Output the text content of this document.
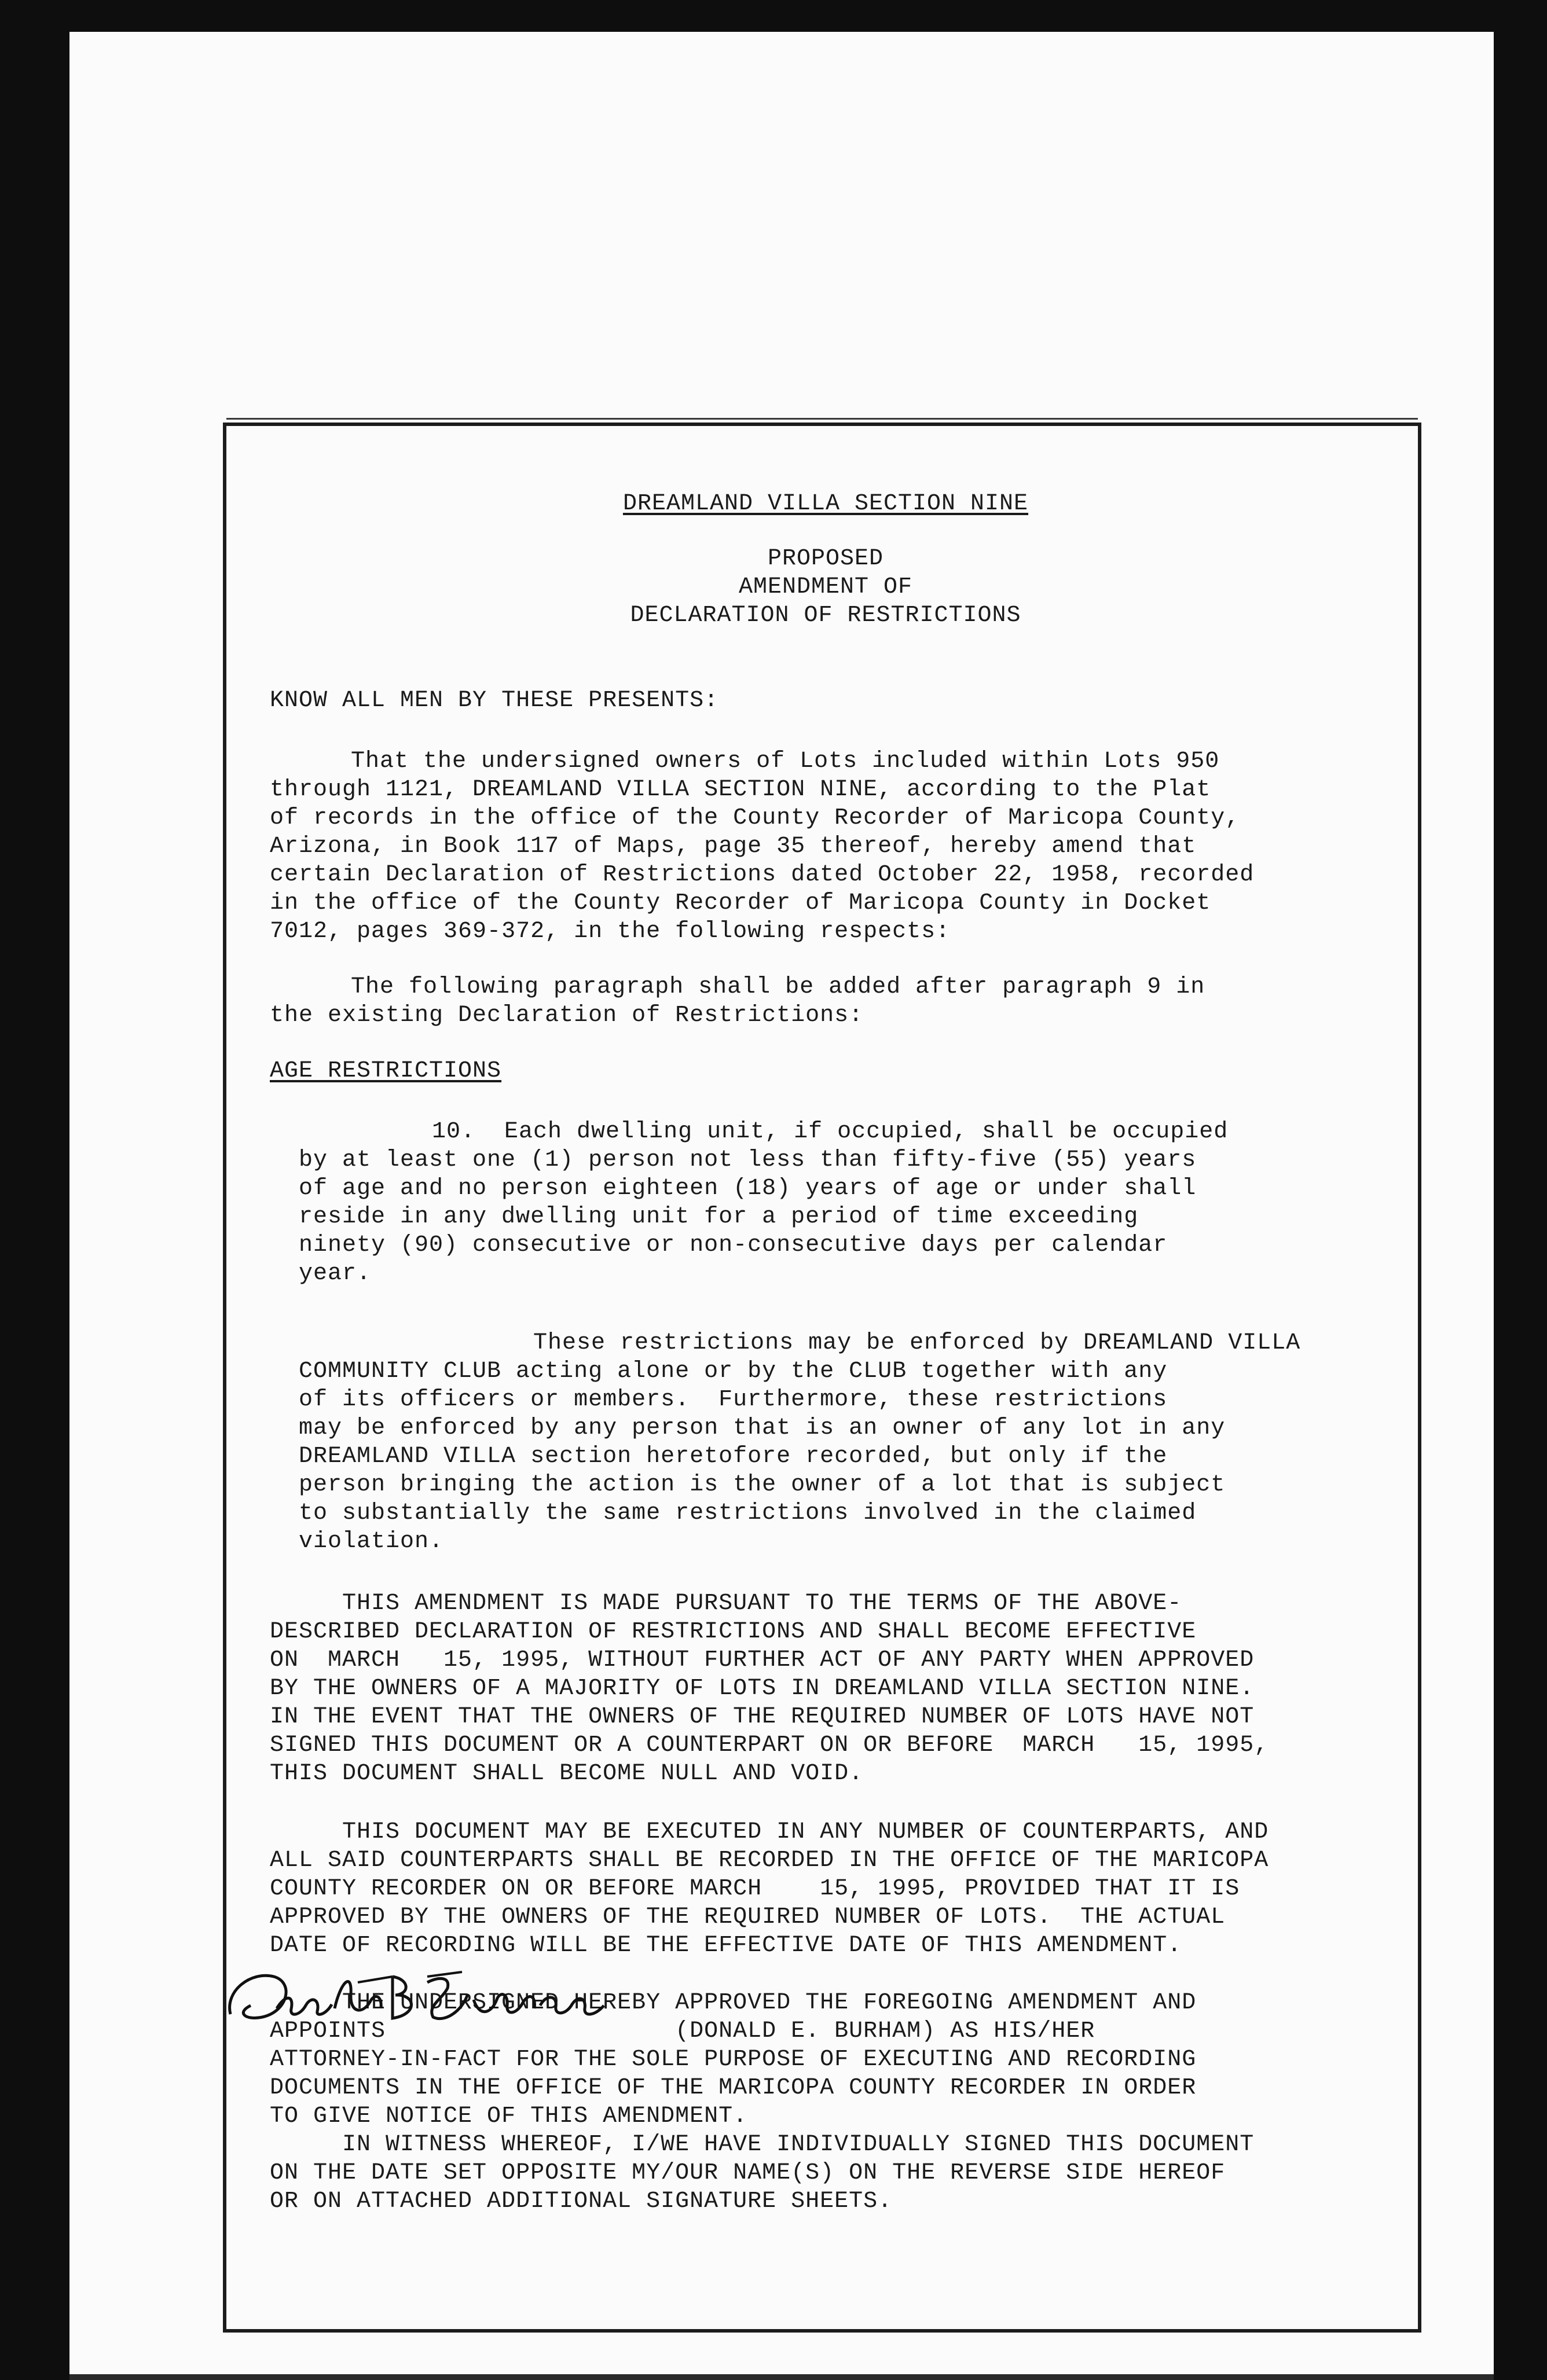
DREAMLAND VILLA SECTION NINE
PROPOSED
AMENDMENT OF
DECLARATION OF RESTRICTIONS
KNOW ALL MEN BY THESE PRESENTS:
That the undersigned owners of Lots included within Lots 950
through 1121, DREAMLAND VILLA SECTION NINE, according to the Plat
of records in the office of the County Recorder of Maricopa County,
Arizona, in Book 117 of Maps, page 35 thereof, hereby amend that
certain Declaration of Restrictions dated October 22, 1958, recorded
in the office of the County Recorder of Maricopa County in Docket
7012, pages 369-372, in the following respects:
The following paragraph shall be added after paragraph 9 in
the existing Declaration of Restrictions:
AGE RESTRICTIONS
10.  Each dwelling unit, if occupied, shall be occupied
by at least one (1) person not less than fifty-five (55) years
of age and no person eighteen (18) years of age or under shall
reside in any dwelling unit for a period of time exceeding
ninety (90) consecutive or non-consecutive days per calendar
year.
These restrictions may be enforced by DREAMLAND VILLA
COMMUNITY CLUB acting alone or by the CLUB together with any
of its officers or members.  Furthermore, these restrictions
may be enforced by any person that is an owner of any lot in any
DREAMLAND VILLA section heretofore recorded, but only if the
person bringing the action is the owner of a lot that is subject
to substantially the same restrictions involved in the claimed
violation.
THIS AMENDMENT IS MADE PURSUANT TO THE TERMS OF THE ABOVE-
DESCRIBED DECLARATION OF RESTRICTIONS AND SHALL BECOME EFFECTIVE
ON  MARCH   15, 1995, WITHOUT FURTHER ACT OF ANY PARTY WHEN APPROVED
BY THE OWNERS OF A MAJORITY OF LOTS IN DREAMLAND VILLA SECTION NINE.
IN THE EVENT THAT THE OWNERS OF THE REQUIRED NUMBER OF LOTS HAVE NOT
SIGNED THIS DOCUMENT OR A COUNTERPART ON OR BEFORE  MARCH   15, 1995,
THIS DOCUMENT SHALL BECOME NULL AND VOID.
THIS DOCUMENT MAY BE EXECUTED IN ANY NUMBER OF COUNTERPARTS, AND
ALL SAID COUNTERPARTS SHALL BE RECORDED IN THE OFFICE OF THE MARICOPA
COUNTY RECORDER ON OR BEFORE MARCH    15, 1995, PROVIDED THAT IT IS
APPROVED BY THE OWNERS OF THE REQUIRED NUMBER OF LOTS.  THE ACTUAL
DATE OF RECORDING WILL BE THE EFFECTIVE DATE OF THIS AMENDMENT.
THE UNDERSIGNED HEREBY APPROVED THE FOREGOING AMENDMENT AND
APPOINTS                    (DONALD E. BURHAM) AS HIS/HER
ATTORNEY-IN-FACT FOR THE SOLE PURPOSE OF EXECUTING AND RECORDING
DOCUMENTS IN THE OFFICE OF THE MARICOPA COUNTY RECORDER IN ORDER
TO GIVE NOTICE OF THIS AMENDMENT.
IN WITNESS WHEREOF, I/WE HAVE INDIVIDUALLY SIGNED THIS DOCUMENT
ON THE DATE SET OPPOSITE MY/OUR NAME(S) ON THE REVERSE SIDE HEREOF
OR ON ATTACHED ADDITIONAL SIGNATURE SHEETS.
